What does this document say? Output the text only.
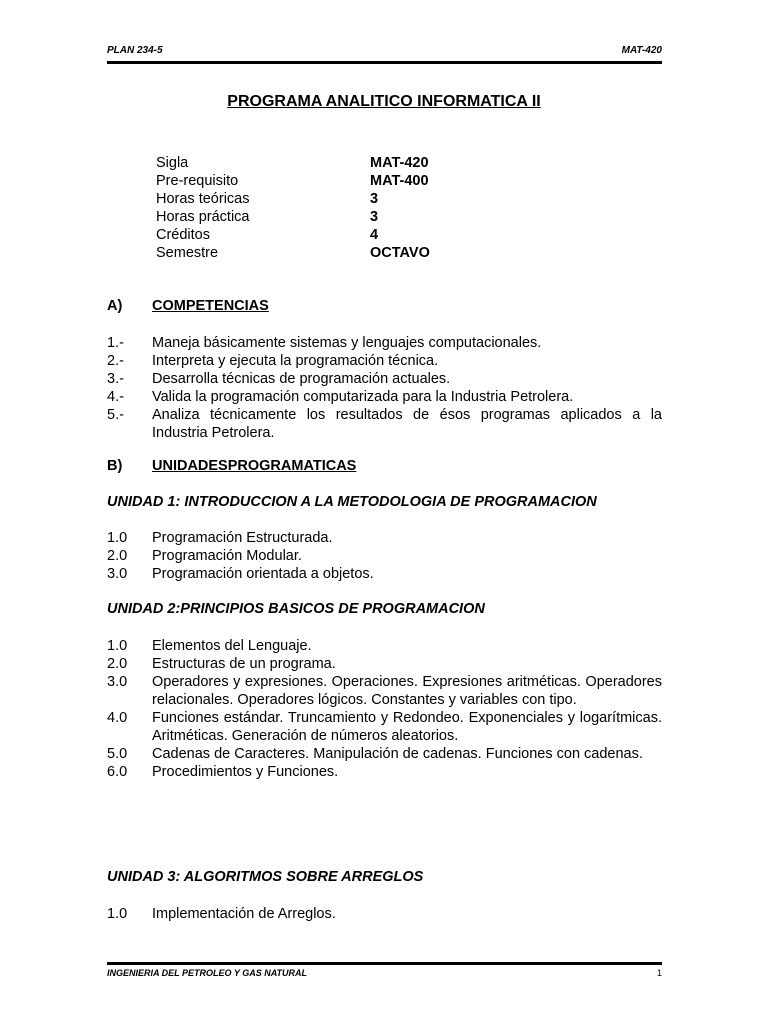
PLAN 234-5	MAT-420
PROGRAMA ANALITICO INFORMATICA II
Sigla	MAT-420
Pre-requisito	MAT-400
Horas teóricas	3
Horas práctica	3
Créditos	4
Semestre	OCTAVO
A) COMPETENCIAS
1.- Maneja básicamente sistemas y lenguajes computacionales.
2.- Interpreta y ejecuta la programación técnica.
3.- Desarrolla técnicas de programación actuales.
4.- Valida la programación computarizada para la Industria Petrolera.
5.- Analiza técnicamente los resultados de ésos programas aplicados a la Industria Petrolera.
B) UNIDADESPROGRAMATICAS
UNIDAD 1: INTRODUCCION A LA METODOLOGIA DE PROGRAMACION
1.0 Programación Estructurada.
2.0 Programación Modular.
3.0 Programación orientada a objetos.
UNIDAD 2:PRINCIPIOS BASICOS DE PROGRAMACION
1.0 Elementos del Lenguaje.
2.0 Estructuras de un programa.
3.0 Operadores y expresiones. Operaciones. Expresiones aritméticas. Operadores relacionales. Operadores lógicos. Constantes y variables con tipo.
4.0 Funciones estándar. Truncamiento y Redondeo. Exponenciales y logarítmicas. Aritméticas. Generación de números aleatorios.
5.0 Cadenas de Caracteres. Manipulación de cadenas. Funciones con cadenas.
6.0 Procedimientos y Funciones.
UNIDAD 3: ALGORITMOS SOBRE ARREGLOS
1.0 Implementación de Arreglos.
INGENIERIA DEL PETROLEO Y GAS NATURAL	1
